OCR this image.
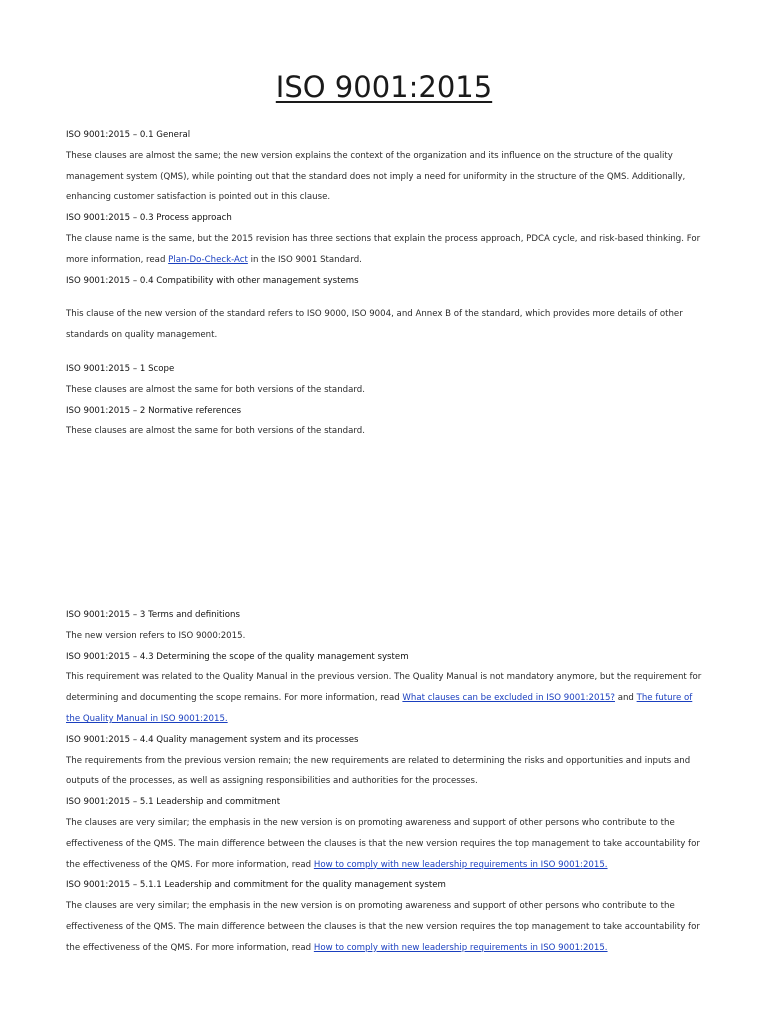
ISO 9001:2015
ISO 9001:2015 – 0.1 General
These clauses are almost the same; the new version explains the context of the organization and its influence on the structure of the quality management system (QMS), while pointing out that the standard does not imply a need for uniformity in the structure of the QMS. Additionally, enhancing customer satisfaction is pointed out in this clause.
ISO 9001:2015 – 0.3 Process approach
The clause name is the same, but the 2015 revision has three sections that explain the process approach, PDCA cycle, and risk-based thinking. For more information, read Plan-Do-Check-Act in the ISO 9001 Standard.
ISO 9001:2015 – 0.4 Compatibility with other management systems
This clause of the new version of the standard refers to ISO 9000, ISO 9004, and Annex B of the standard, which provides more details of other standards on quality management.
ISO 9001:2015 – 1 Scope
These clauses are almost the same for both versions of the standard.
ISO 9001:2015 – 2 Normative references
These clauses are almost the same for both versions of the standard.
ISO 9001:2015 – 3 Terms and definitions
The new version refers to ISO 9000:2015.
ISO 9001:2015 – 4.3 Determining the scope of the quality management system
This requirement was related to the Quality Manual in the previous version. The Quality Manual is not mandatory anymore, but the requirement for determining and documenting the scope remains. For more information, read What clauses can be excluded in ISO 9001:2015? and The future of the Quality Manual in ISO 9001:2015.
ISO 9001:2015 – 4.4 Quality management system and its processes
The requirements from the previous version remain; the new requirements are related to determining the risks and opportunities and inputs and outputs of the processes, as well as assigning responsibilities and authorities for the processes.
ISO 9001:2015 – 5.1 Leadership and commitment
The clauses are very similar; the emphasis in the new version is on promoting awareness and support of other persons who contribute to the effectiveness of the QMS. The main difference between the clauses is that the new version requires the top management to take accountability for the effectiveness of the QMS. For more information, read How to comply with new leadership requirements in ISO 9001:2015.
ISO 9001:2015 – 5.1.1 Leadership and commitment for the quality management system
The clauses are very similar; the emphasis in the new version is on promoting awareness and support of other persons who contribute to the effectiveness of the QMS. The main difference between the clauses is that the new version requires the top management to take accountability for the effectiveness of the QMS. For more information, read How to comply with new leadership requirements in ISO 9001:2015.
